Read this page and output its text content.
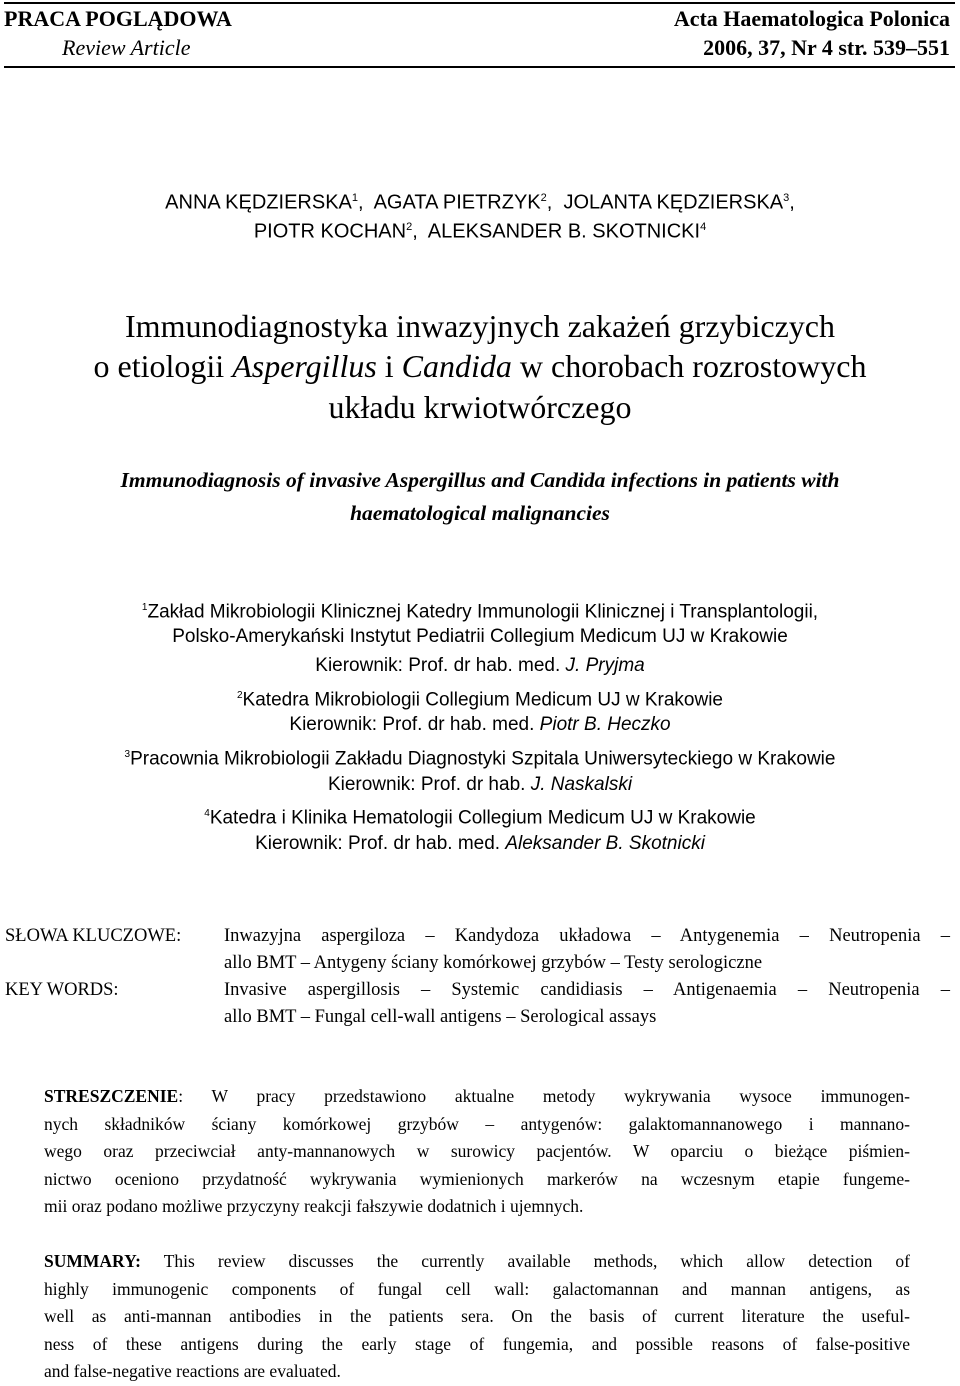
PRACA POGLĄDOWA
Review Article
Acta Haematologica Polonica
2006, 37, Nr 4 str. 539–551
ANNA KĘDZIERSKA$^1$,  AGATA PIETRZYK$^2$,  JOLANTA KĘDZIERSKA$^3$,
PIOTR KOCHAN$^2$,  ALEKSANDER B. SKOTNICKI$^4$
Immunodiagnostyka inwazyjnych zakażeń grzybiczych
o etiologii Aspergillus i Candida w chorobach rozrostowych
układu krwiotwórczego
Immunodiagnosis of invasive Aspergillus and Candida infections in patients with
haematological malignancies
$^1$Zakład Mikrobiologii Klinicznej Katedry Immunologii Klinicznej i Transplantologii,
Polsko-Amerykański Instytut Pediatrii Collegium Medicum UJ w Krakowie
Kierownik: Prof. dr hab. med. J. Pryjma
$^2$Katedra Mikrobiologii Collegium Medicum UJ w Krakowie
Kierownik: Prof. dr hab. med. Piotr B. Heczko
$^3$Pracownia Mikrobiologii Zakładu Diagnostyki Szpitala Uniwersyteckiego w Krakowie
Kierownik: Prof. dr hab. J. Naskalski
$^4$Katedra i Klinika Hematologii Collegium Medicum UJ w Krakowie
Kierownik: Prof. dr hab. med. Aleksander B. Skotnicki
SŁOWA KLUCZOWE: Inwazyjna aspergiloza – Kandydoza układowa – Antygenemia – Neutropenia –
allo BMT – Antygeny ściany komórkowej grzybów – Testy serologiczne
KEY WORDS:	Invasive aspergillosis – Systemic candidiasis – Antigenaemia – Neutropenia –
allo BMT – Fungal cell-wall antigens – Serological assays
STRESZCZENIE: W pracy przedstawiono aktualne metody wykrywania wysoce immunogen-
nych składników ściany komórkowej grzybów – antygenów: galaktomannanowego i mannano-
wego oraz przeciwciał anty-mannanowych w surowicy pacjentów. W oparciu o bieżące piśmien-
nictwo oceniono przydatność wykrywania wymienionych markerów na wczesnym etapie fungeme-
mii oraz podano możliwe przyczyny reakcji fałszywie dodatnich i ujemnych.
SUMMARY: This review discusses the currently available methods, which allow detection of
highly immunogenic components of fungal cell wall: galactomannan and mannan antigens, as
well as anti-mannan antibodies in the patients sera. On the basis of current literature the useful-
ness of these antigens during the early stage of fungemia, and possible reasons of false-positive
and false-negative reactions are evaluated.
